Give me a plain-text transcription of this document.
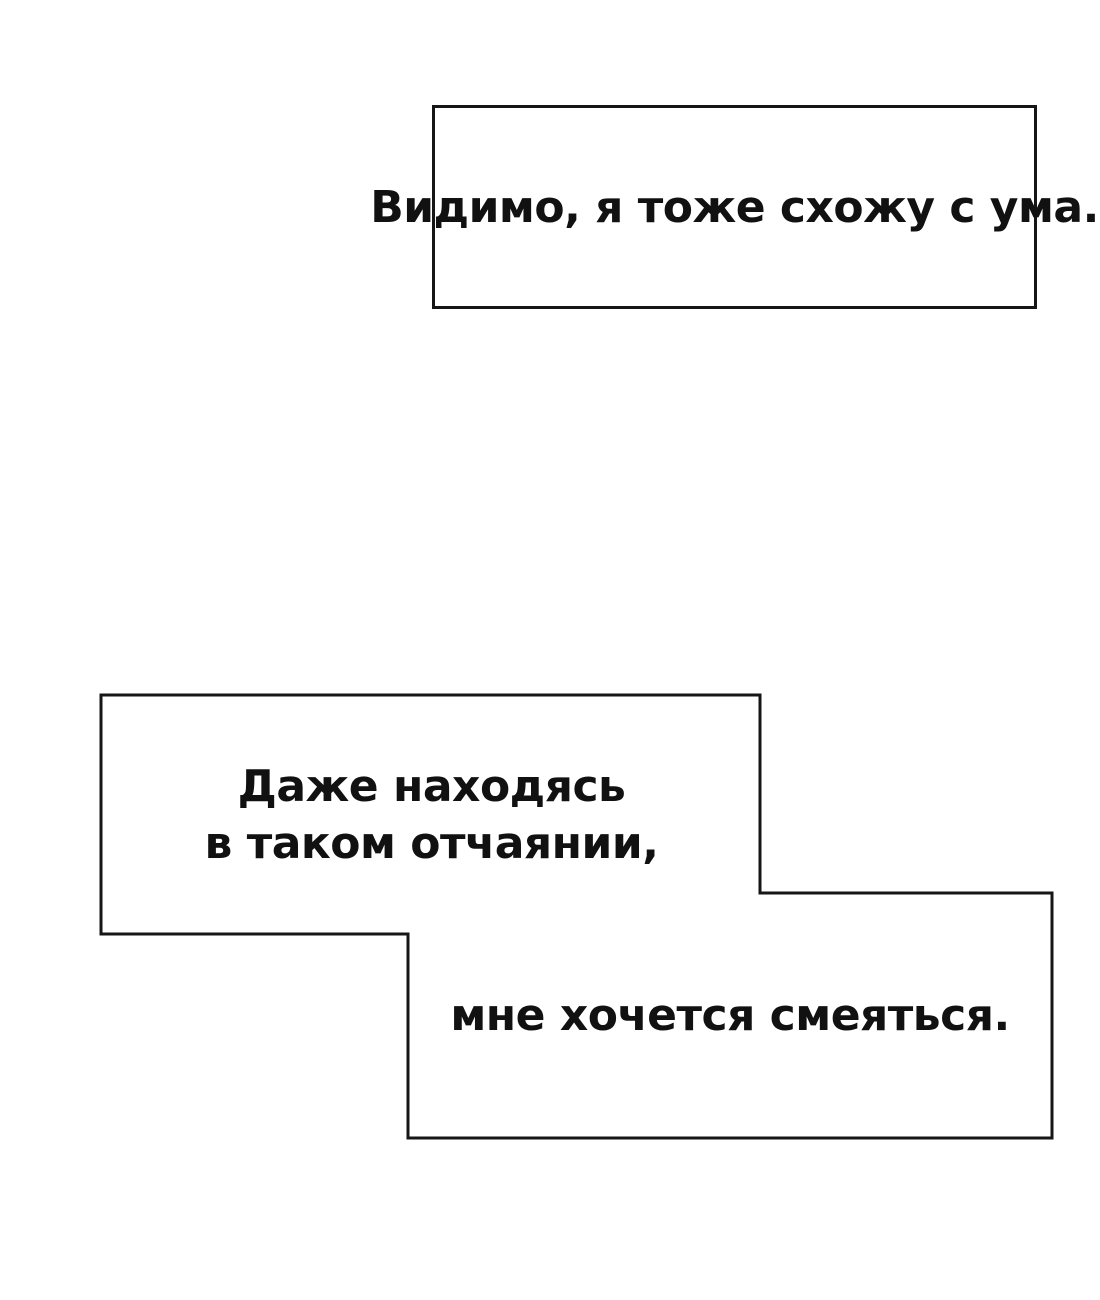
Видимо, я тоже схожу с ума.
Даже находясь
в таком отчаянии,
мне хочется смеяться.
